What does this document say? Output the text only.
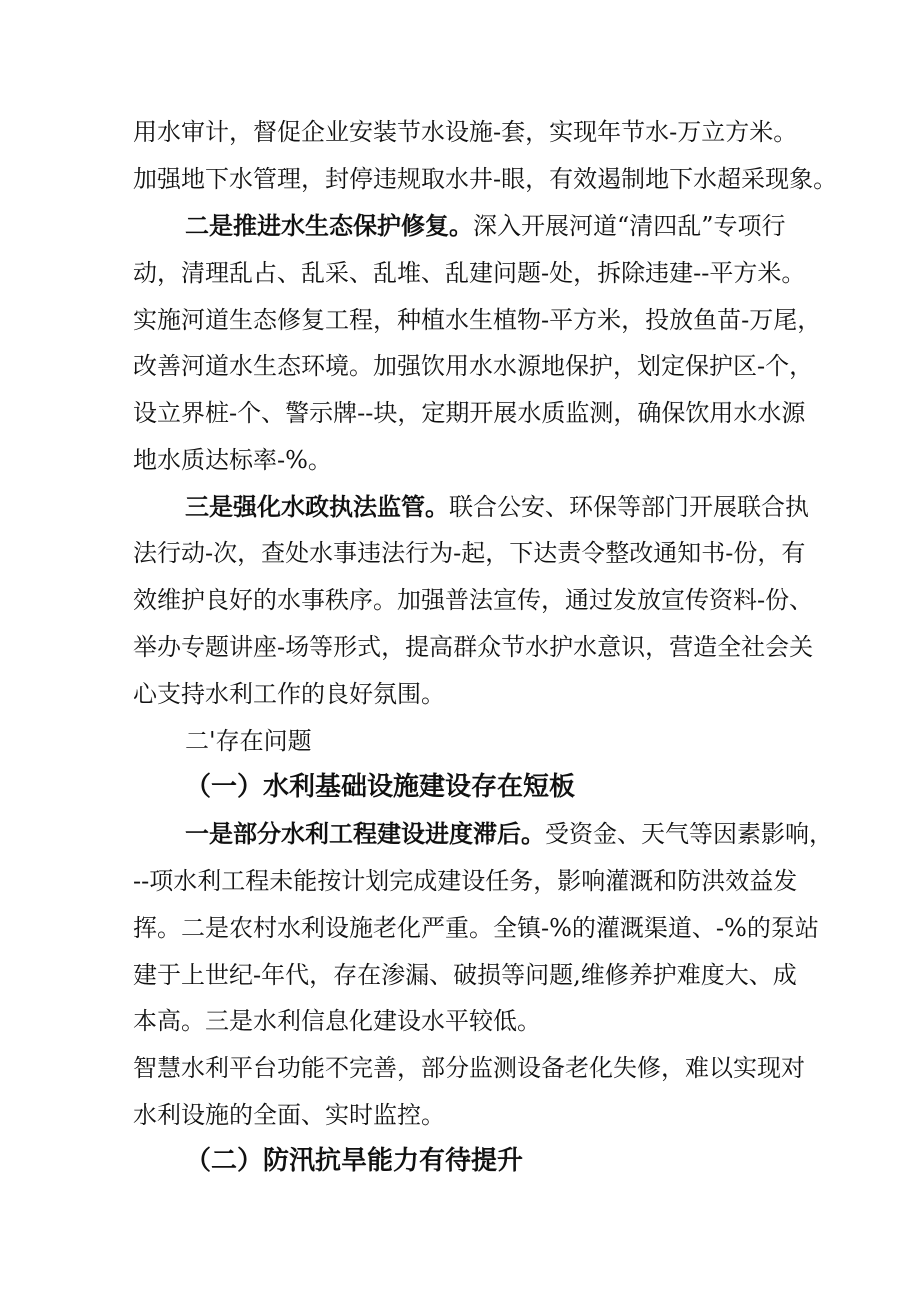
用水审计，督促企业安装节水设施-套，实现年节水-万立方米。
加强地下水管理，封停违规取水井-眼，有效遏制地下水超采现象。
二是推进水生态保护修复。深入开展河道“清四乱”专项行
动，清理乱占、乱采、乱堆、乱建问题-处，拆除违建--平方米。
实施河道生态修复工程，种植水生植物-平方米，投放鱼苗-万尾，
改善河道水生态环境。加强饮用水水源地保护，划定保护区-个，
设立界桩-个、警示牌--块，定期开展水质监测，确保饮用水水源
地水质达标率-%。
三是强化水政执法监管。联合公安、环保等部门开展联合执
法行动-次，查处水事违法行为-起，下达责令整改通知书-份，有
效维护良好的水事秩序。加强普法宣传，通过发放宣传资料-份、
举办专题讲座-场等形式，提高群众节水护水意识，营造全社会关
心支持水利工作的良好氛围。
二'存在问题
（一）水利基础设施建设存在短板
一是部分水利工程建设进度滞后。受资金、天气等因素影响，
--项水利工程未能按计划完成建设任务，影响灌溉和防洪效益发
挥。二是农村水利设施老化严重。全镇-%的灌溉渠道、-%的泵站
建于上世纪-年代，存在渗漏、破损等问题,维修养护难度大、成
本高。三是水利信息化建设水平较低。
智慧水利平台功能不完善，部分监测设备老化失修，难以实现对
水利设施的全面、实时监控。
（二）防汛抗旱能力有待提升
